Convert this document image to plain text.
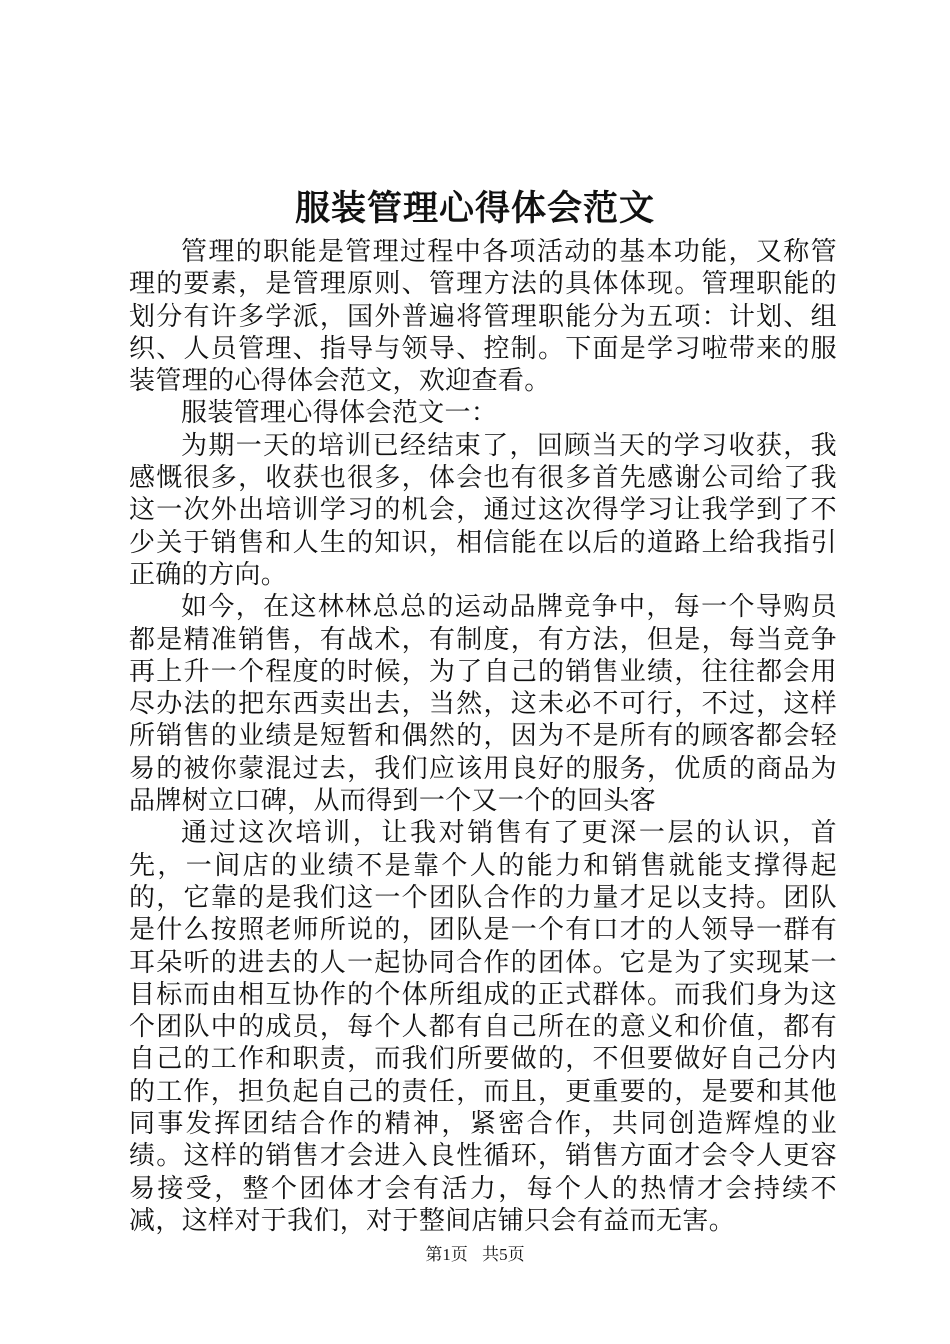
服装管理心得体会范文

管理的职能是管理过程中各项活动的基本功能，又称管理的要素，是管理原则、管理方法的具体体现。管理职能的划分有许多学派，国外普遍将管理职能分为五项：计划、组织、人员管理、指导与领导、控制。下面是学习啦带来的服装管理的心得体会范文，欢迎查看。

服装管理心得体会范文一：

为期一天的培训已经结束了，回顾当天的学习收获，我感慨很多，收获也很多，体会也有很多首先感谢公司给了我这一次外出培训学习的机会，通过这次得学习让我学到了不少关于销售和人生的知识，相信能在以后的道路上给我指引正确的方向。

如今，在这林林总总的运动品牌竞争中，每一个导购员都是精准销售，有战术，有制度，有方法，但是，每当竞争再上升一个程度的时候，为了自己的销售业绩，往往都会用尽办法的把东西卖出去，当然，这未必不可行，不过，这样所销售的业绩是短暂和偶然的，因为不是所有的顾客都会轻易的被你蒙混过去，我们应该用良好的服务，优质的商品为品牌树立口碑，从而得到一个又一个的回头客

通过这次培训，让我对销售有了更深一层的认识，首先，一间店的业绩不是靠个人的能力和销售就能支撑得起的，它靠的是我们这一个团队合作的力量才足以支持。团队是什么按照老师所说的，团队是一个有口才的人领导一群有耳朵听的进去的人一起协同合作的团体。它是为了实现某一目标而由相互协作的个体所组成的正式群体。而我们身为这个团队中的成员，每个人都有自己所在的意义和价值，都有自己的工作和职责，而我们所要做的，不但要做好自己分内的工作，担负起自己的责任，而且，更重要的，是要和其他同事发挥团结合作的精神，紧密合作，共同创造辉煌的业绩。这样的销售才会进入良性循环，销售方面才会令人更容易接受，整个团体才会有活力，每个人的热情才会持续不减，这样对于我们，对于整间店铺只会有益而无害。

第1页 共5页
